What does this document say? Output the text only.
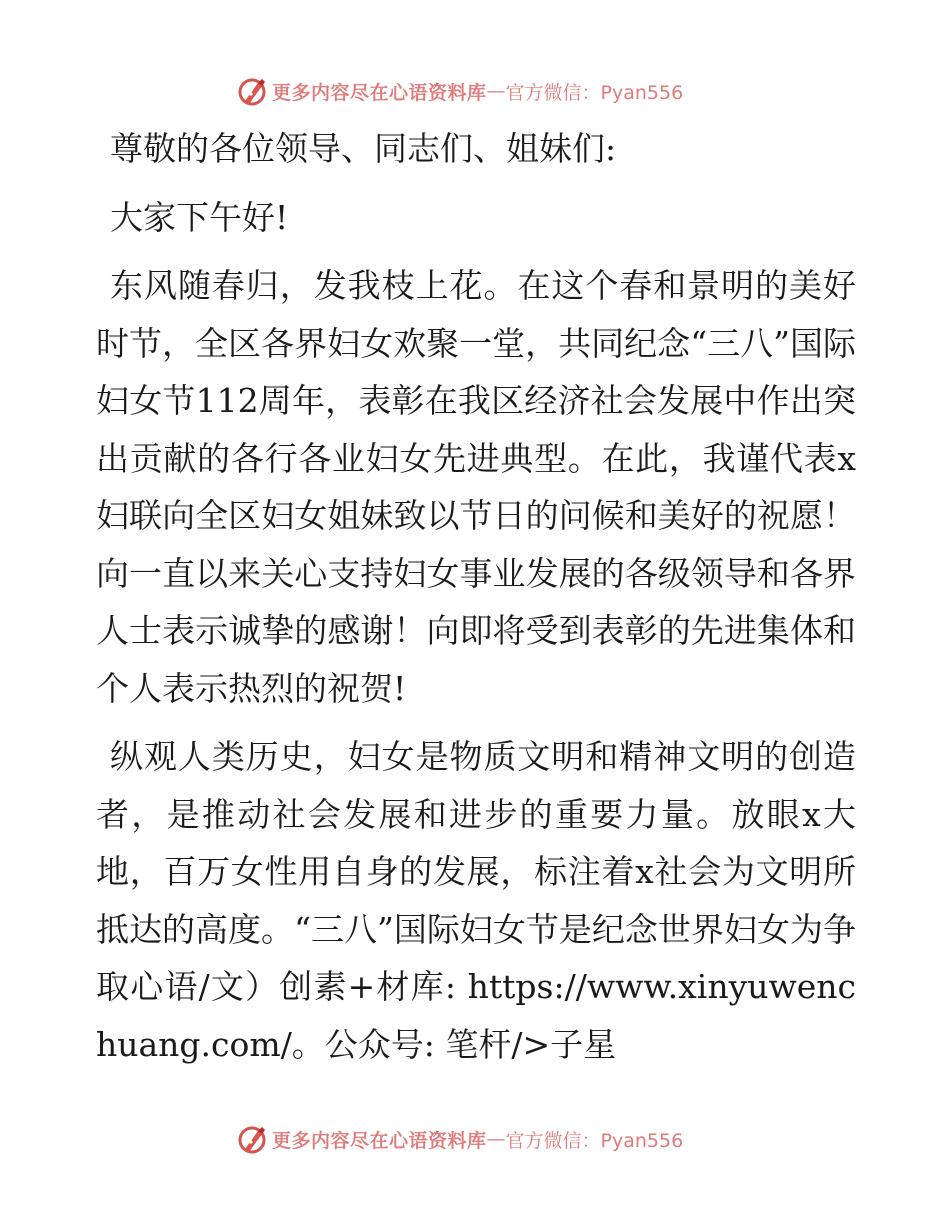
更多内容尽在心语资料库 — 官方微信：Pyan556

尊敬的各位领导、同志们、姐妹们:

大家下午好!

东风随春归，发我枝上花。在这个春和景明的美好时节，全区各界妇女欢聚一堂，共同纪念“三八”国际妇女节112周年，表彰在我区经济社会发展中作出突出贡献的各行各业妇女先进典型。在此，我谨代表x妇联向全区妇女姐妹致以节日的问候和美好的祝愿！向一直以来关心支持妇女事业发展的各级领导和各界人士表示诚挚的感谢！向即将受到表彰的先进集体和个人表示热烈的祝贺!

纵观人类历史，妇女是物质文明和精神文明的创造者，是推动社会发展和进步的重要力量。放眼x大地，百万女性用自身的发展，标注着x社会为文明所抵达的高度。“三八”国际妇女节是纪念世界妇女为争取心语/文）创素+材库: https://www.xinyuwenchuang.com/。公众号: 笔杆/>子星

更多内容尽在心语资料库 — 官方微信：Pyan556
